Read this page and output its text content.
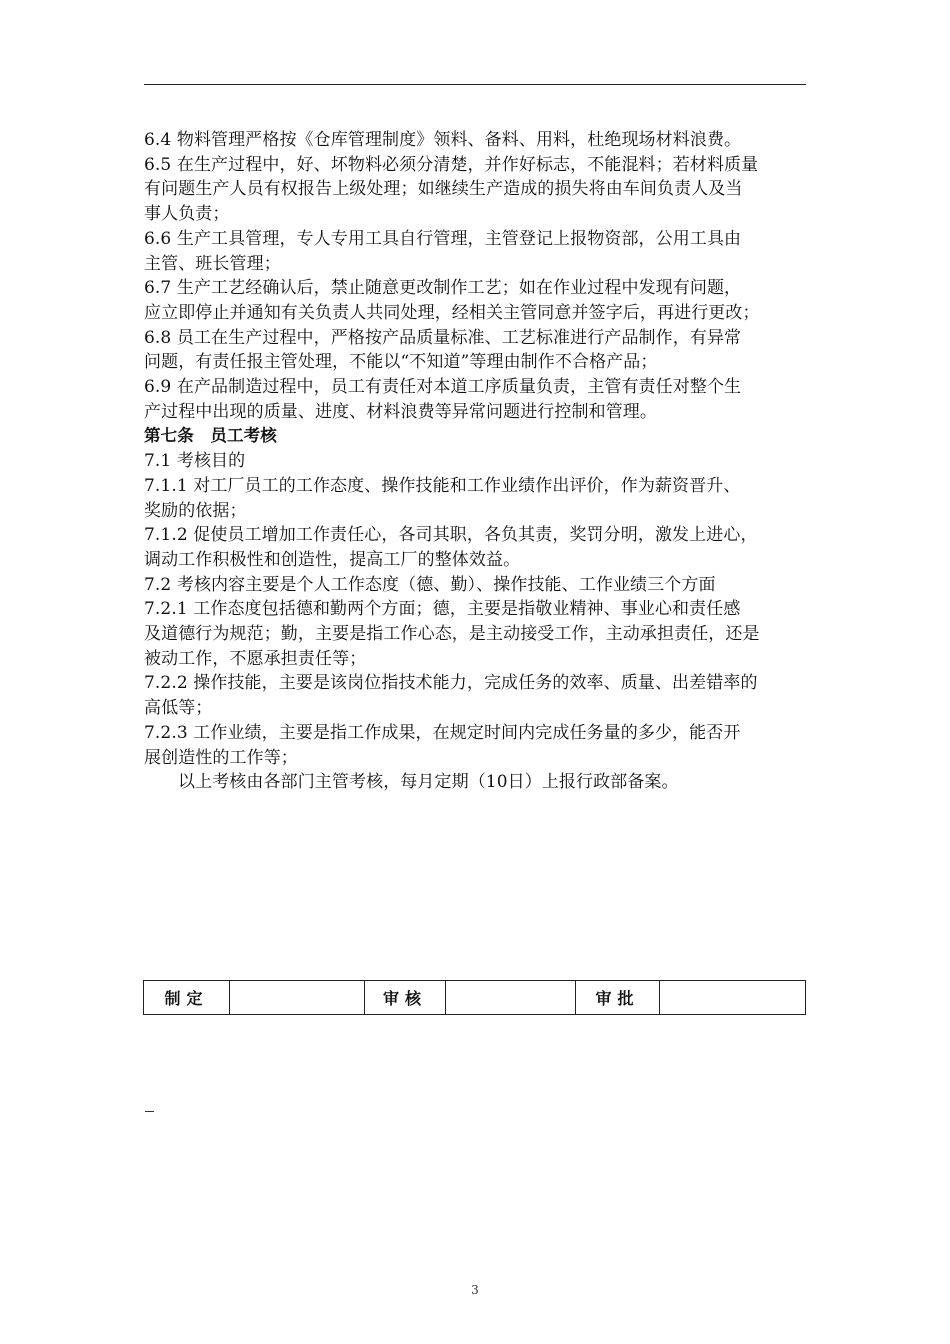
6.4 物料管理严格按《仓库管理制度》领料、备料、用料，杜绝现场材料浪费。
6.5 在生产过程中，好、坏物料必须分清楚，并作好标志，不能混料；若材料质量
有问题生产人员有权报告上级处理；如继续生产造成的损失将由车间负责人及当
事人负责；
6.6 生产工具管理，专人专用工具自行管理，主管登记上报物资部，公用工具由
主管、班长管理；
6.7 生产工艺经确认后，禁止随意更改制作工艺；如在作业过程中发现有问题，
应立即停止并通知有关负责人共同处理，经相关主管同意并签字后，再进行更改；
6.8 员工在生产过程中，严格按产品质量标准、工艺标准进行产品制作，有异常
问题，有责任报主管处理，不能以“不知道”等理由制作不合格产品；
6.9 在产品制造过程中，员工有责任对本道工序质量负责，主管有责任对整个生
产过程中出现的质量、进度、材料浪费等异常问题进行控制和管理。
第七条　员工考核
7.1 考核目的
7.1.1 对工厂员工的工作态度、操作技能和工作业绩作出评价，作为薪资晋升、
奖励的依据；
7.1.2 促使员工增加工作责任心，各司其职，各负其责，奖罚分明，激发上进心，
调动工作积极性和创造性，提高工厂的整体效益。
7.2 考核内容主要是个人工作态度（德、勤）、操作技能、工作业绩三个方面
7.2.1 工作态度包括德和勤两个方面；德，主要是指敬业精神、事业心和责任感
及道德行为规范；勤，主要是指工作心态，是主动接受工作，主动承担责任，还是
被动工作，不愿承担责任等；
7.2.2 操作技能，主要是该岗位指技术能力，完成任务的效率、质量、出差错率的
高低等；
7.2.3 工作业绩，主要是指工作成果，在规定时间内完成任务量的多少，能否开
展创造性的工作等；
以上考核由各部门主管考核，每月定期（10日）上报行政部备案。
制定		审核		审批	
3
